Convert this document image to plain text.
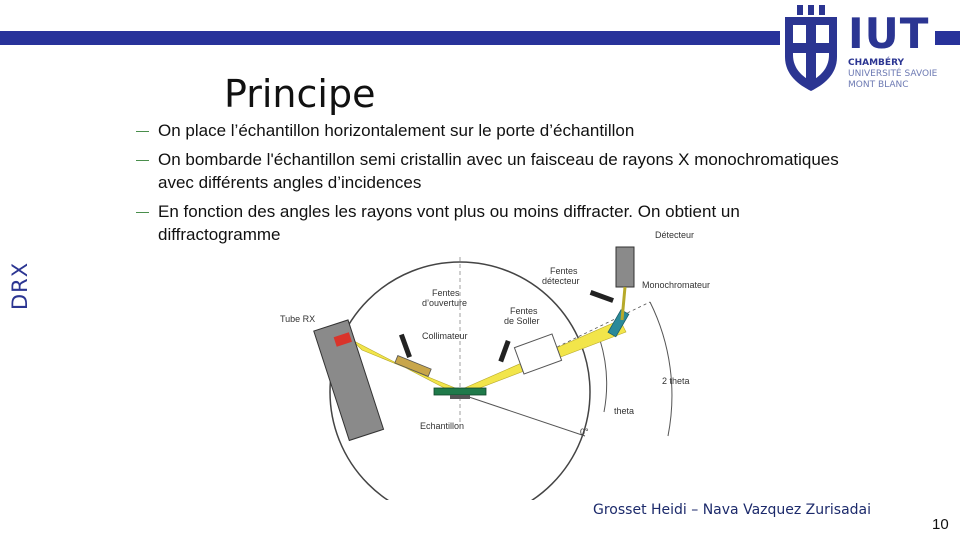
IUT
CHAMBÉRY
UNIVERSITÉ SAVOIE
MONT BLANC
DRX
Principe
— On place l’échantillon horizontalement sur le porte d’échantillon
— On bombarde l'échantillon semi cristallin avec un faisceau de rayons X monochromatiques avec différents angles d’incidences
— En fonction des angles les rayons vont plus ou moins diffracter. On obtient un diffractogramme	Détecteur
Fentes
détecteur
Fentes
d’ouverture
Fentes
de Soller
Monochromateur
Tube RX
Collimateur
2 theta
theta
0°
Echantillon
Grosset Heidi – Nava Vazquez Zurisadai
10
